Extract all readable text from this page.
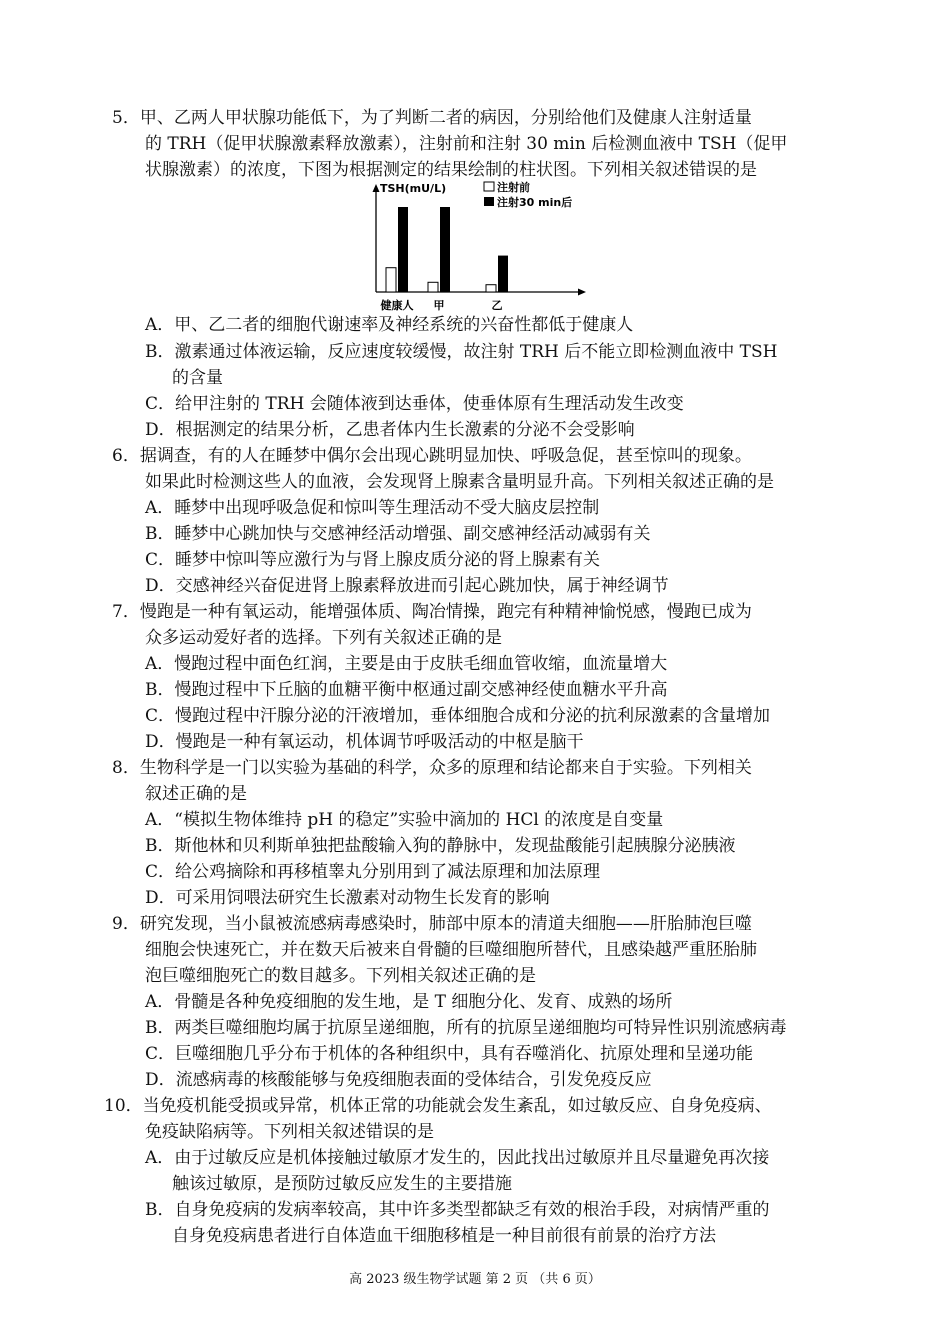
5．甲、乙两人甲状腺功能低下，为了判断二者的病因，分别给他们及健康人注射适量
的 TRH（促甲状腺激素释放激素），注射前和注射 30 min 后检测血液中 TSH（促甲
状腺激素）的浓度，下图为根据测定的结果绘制的柱状图。下列相关叙述错误的是
TSH(mU/L)	注射前
注射30 min后
健康人 甲	乙
A．甲、乙二者的细胞代谢速率及神经系统的兴奋性都低于健康人
B．激素通过体液运输，反应速度较缓慢，故注射 TRH 后不能立即检测血液中 TSH
的含量
C．给甲注射的 TRH 会随体液到达垂体，使垂体原有生理活动发生改变
D．根据测定的结果分析，乙患者体内生长激素的分泌不会受影响
6．据调查，有的人在睡梦中偶尔会出现心跳明显加快、呼吸急促，甚至惊叫的现象。
如果此时检测这些人的血液，会发现肾上腺素含量明显升高。下列相关叙述正确的是
A．睡梦中出现呼吸急促和惊叫等生理活动不受大脑皮层控制
B．睡梦中心跳加快与交感神经活动增强、副交感神经活动减弱有关
C．睡梦中惊叫等应激行为与肾上腺皮质分泌的肾上腺素有关
D．交感神经兴奋促进肾上腺素释放进而引起心跳加快，属于神经调节
7．慢跑是一种有氧运动，能增强体质、陶冶情操，跑完有种精神愉悦感，慢跑已成为
众多运动爱好者的选择。下列有关叙述正确的是
A．慢跑过程中面色红润，主要是由于皮肤毛细血管收缩，血流量增大
B．慢跑过程中下丘脑的血糖平衡中枢通过副交感神经使血糖水平升高
C．慢跑过程中汗腺分泌的汗液增加，垂体细胞合成和分泌的抗利尿激素的含量增加
D．慢跑是一种有氧运动，机体调节呼吸活动的中枢是脑干
8．生物科学是一门以实验为基础的科学，众多的原理和结论都来自于实验。下列相关
叙述正确的是
A．“模拟生物体维持 pH 的稳定”实验中滴加的 HCl 的浓度是自变量
B．斯他林和贝利斯单独把盐酸输入狗的静脉中，发现盐酸能引起胰腺分泌胰液
C．给公鸡摘除和再移植睾丸分别用到了减法原理和加法原理
D．可采用饲喂法研究生长激素对动物生长发育的影响
9．研究发现，当小鼠被流感病毒感染时，肺部中原本的清道夫细胞——肝胎肺泡巨噬
细胞会快速死亡，并在数天后被来自骨髓的巨噬细胞所替代，且感染越严重胚胎肺
泡巨噬细胞死亡的数目越多。下列相关叙述正确的是
A．骨髓是各种免疫细胞的发生地，是 T 细胞分化、发育、成熟的场所
B．两类巨噬细胞均属于抗原呈递细胞，所有的抗原呈递细胞均可特异性识别流感病毒
C．巨噬细胞几乎分布于机体的各种组织中，具有吞噬消化、抗原处理和呈递功能
D．流感病毒的核酸能够与免疫细胞表面的受体结合，引发免疫反应
10．当免疫机能受损或异常，机体正常的功能就会发生紊乱，如过敏反应、自身免疫病、
免疫缺陷病等。下列相关叙述错误的是
A．由于过敏反应是机体接触过敏原才发生的，因此找出过敏原并且尽量避免再次接
触该过敏原，是预防过敏反应发生的主要措施
B．自身免疫病的发病率较高，其中许多类型都缺乏有效的根治手段，对病情严重的
自身免疫病患者进行自体造血干细胞移植是一种目前很有前景的治疗方法
高 2023 级生物学试题 第 2 页 （共 6 页）
